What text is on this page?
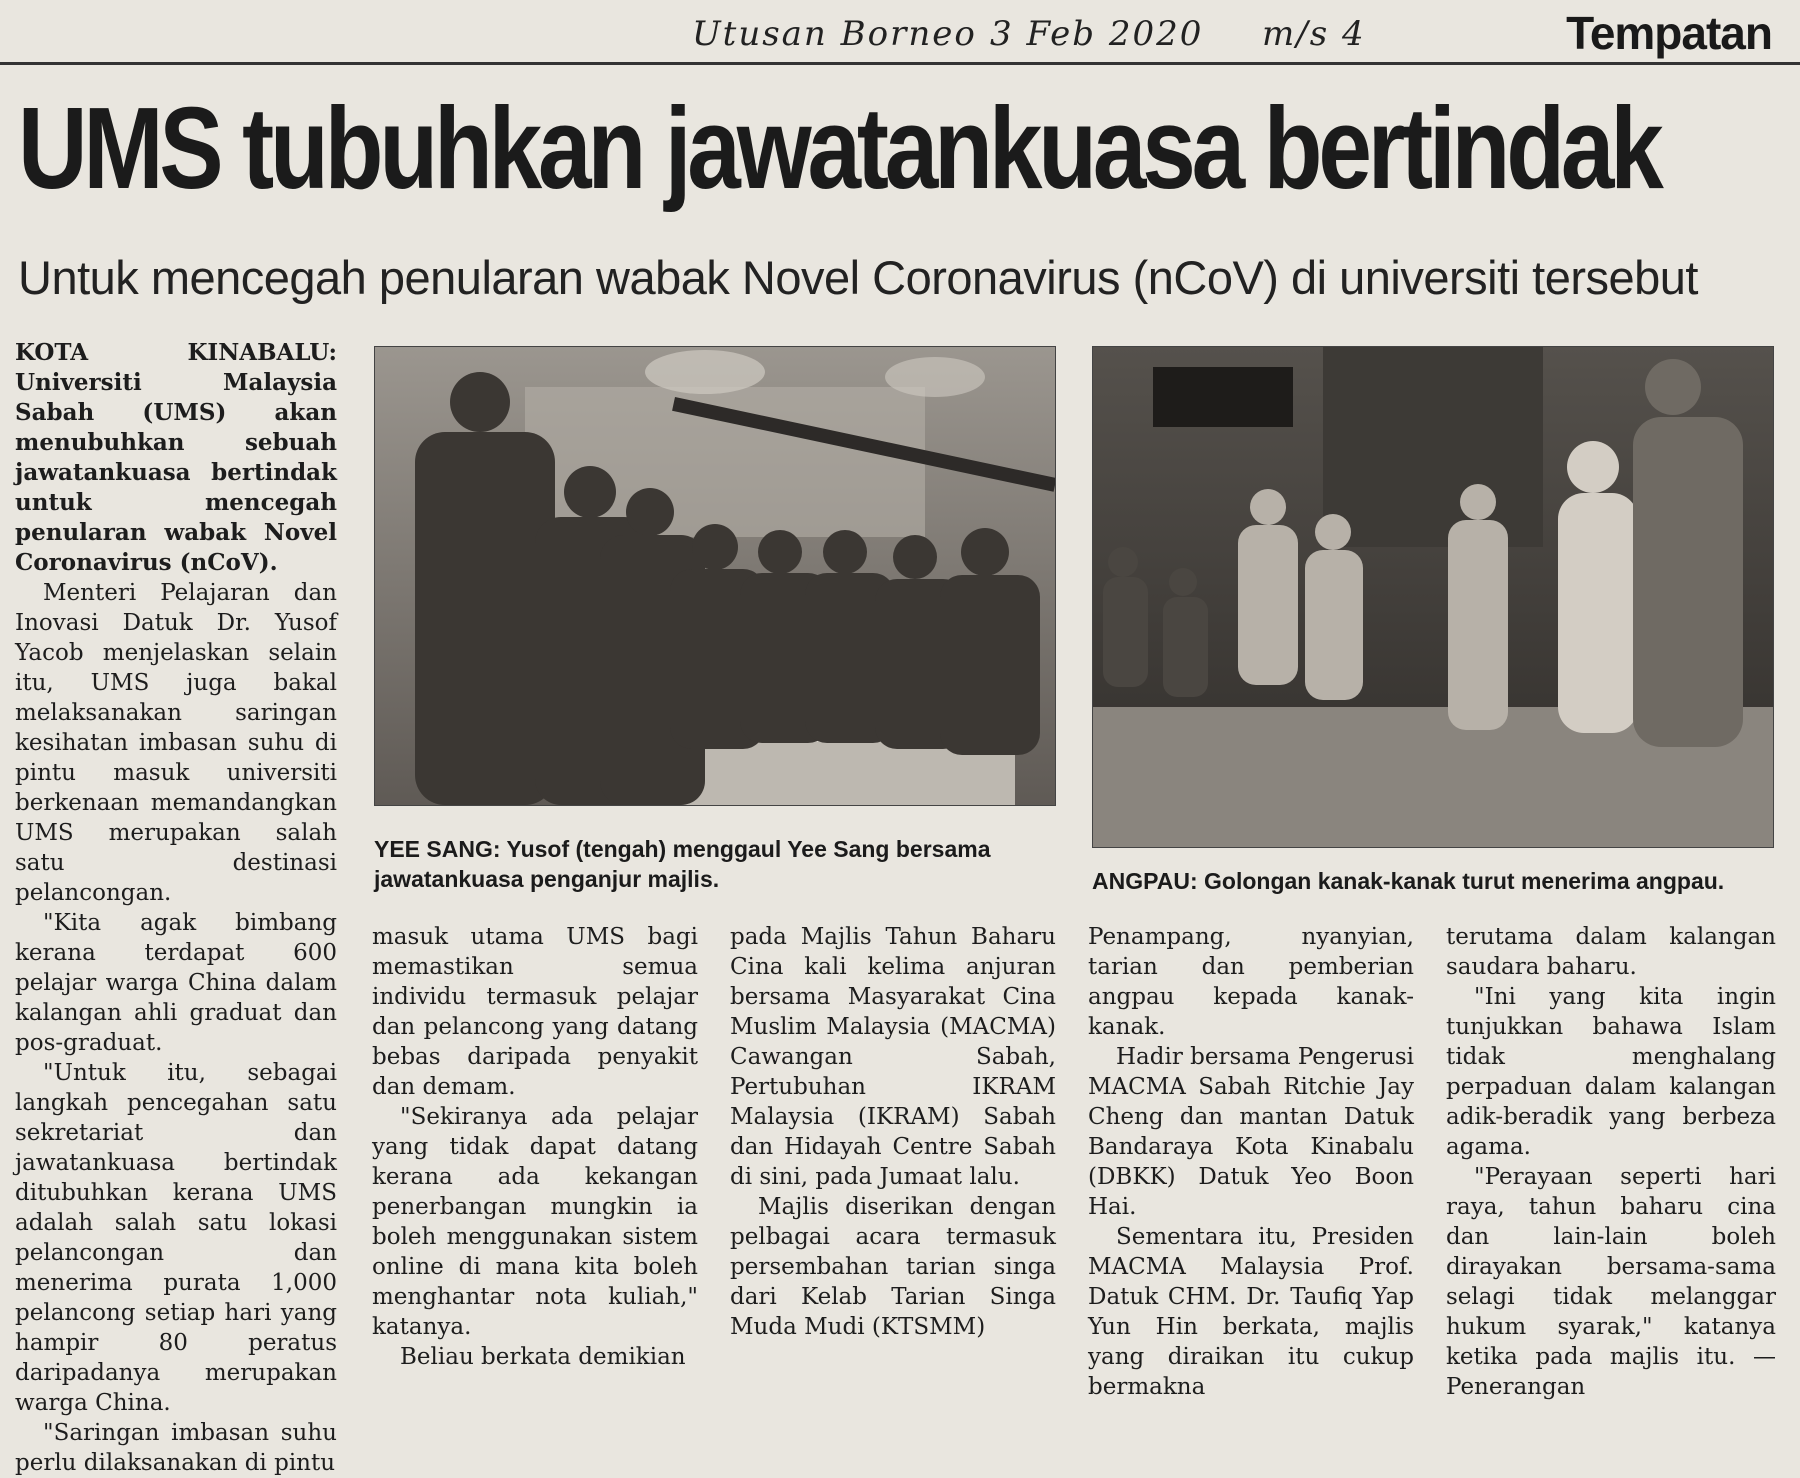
Utusan Borneo 3 Feb 2020 m/s 4	Tempatan
UMS tubuhkan jawatankuasa bertindak
Untuk mencegah penularan wabak Novel Coronavirus (nCoV) di universiti tersebut
YEE SANG: Yusof (tengah) menggaul Yee Sang bersama jawatankuasa penganjur majlis.	ANGPAU: Golongan kanak-kanak turut menerima angpau.

KOTA KINABALU: Universiti Malaysia Sabah (UMS) akan menubuhkan sebuah jawatankuasa bertindak untuk mencegah penularan wabak Novel Coronavirus (nCoV).

Menteri Pelajaran dan Inovasi Datuk Dr. Yusof Yacob menjelaskan selain itu, UMS juga bakal melaksanakan saringan kesihatan imbasan suhu di pintu masuk universiti berkenaan memandangkan UMS merupakan salah satu destinasi pelancongan.

"Kita agak bimbang kerana terdapat 600 pelajar warga China dalam kalangan ahli graduat dan pos-graduat.

"Untuk itu, sebagai langkah pencegahan satu sekretariat dan jawatankuasa bertindak ditubuhkan kerana UMS adalah salah satu lokasi pelancongan dan menerima purata 1,000 pelancong setiap hari yang hampir 80 peratus daripadanya merupakan warga China.

"Saringan imbasan suhu perlu dilaksanakan di pintu

masuk utama UMS bagi memastikan semua individu termasuk pelajar dan pelancong yang datang bebas daripada penyakit dan demam.

"Sekiranya ada pelajar yang tidak dapat datang kerana ada kekangan penerbangan mungkin ia boleh menggunakan sistem online di mana kita boleh menghantar nota kuliah," katanya.

Beliau berkata demikian

pada Majlis Tahun Baharu Cina kali kelima anjuran bersama Masyarakat Cina Muslim Malaysia (MACMA) Cawangan Sabah, Pertubuhan IKRAM Malaysia (IKRAM) Sabah dan Hidayah Centre Sabah di sini, pada Jumaat lalu.

Majlis diserikan dengan pelbagai acara termasuk persembahan tarian singa dari Kelab Tarian Singa Muda Mudi (KTSMM)

Penampang, nyanyian, tarian dan pemberian angpau kepada kanak-kanak.

Hadir bersama Pengerusi MACMA Sabah Ritchie Jay Cheng dan mantan Datuk Bandaraya Kota Kinabalu (DBKK) Datuk Yeo Boon Hai.

Sementara itu, Presiden MACMA Malaysia Prof. Datuk CHM. Dr. Taufiq Yap Yun Hin berkata, majlis yang diraikan itu cukup bermakna

terutama dalam kalangan saudara baharu.

"Ini yang kita ingin tunjukkan bahawa Islam tidak menghalang perpaduan dalam kalangan adik-beradik yang berbeza agama.

"Perayaan seperti hari raya, tahun baharu cina dan lain-lain boleh dirayakan bersama-sama selagi tidak melanggar hukum syarak," katanya ketika pada majlis itu. — Penerangan
